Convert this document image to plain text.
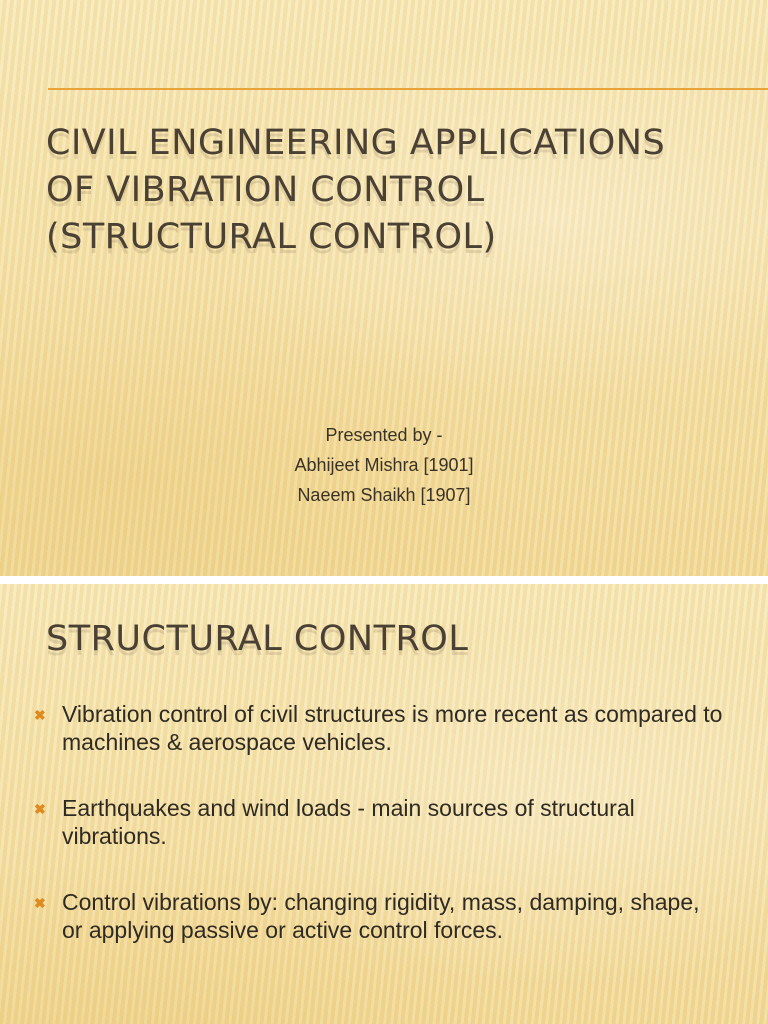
CIVIL ENGINEERING APPLICATIONS
OF VIBRATION CONTROL
(STRUCTURAL CONTROL)
Presented by -
Abhijeet Mishra [1901]
Naeem Shaikh [1907]
STRUCTURAL CONTROL
✖ Vibration control of civil structures is more recent as compared to machines & aerospace vehicles.
✖ Earthquakes and wind loads - main sources of structural vibrations.
✖ Control vibrations by: changing rigidity, mass, damping, shape, or applying passive or active control forces.
